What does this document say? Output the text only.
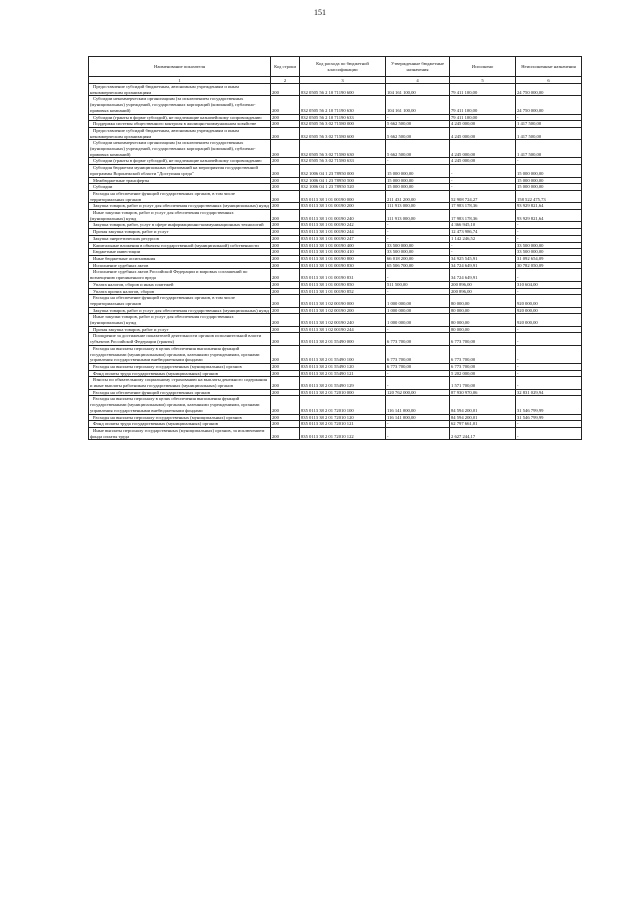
151
Наименование показателя	Код строки	Код расхода по бюджетной классификации	Утвержденные бюджетные назначения	Исполнено	Неисполненные назначения
1	2	3	4	5	6
Предоставление субсидий бюджетным, автономным учреждениям и иным некоммерческим организациям	200	832 0505 56 2 10 71190 600	104 161 100,00	79 411 100,00	24 750 000,00
Субсидии некоммерческим организациям (за исключением государственных (муниципальных) учреждений, государственных корпораций (компаний), публично-правовых компаний)	200	832 0505 56 2 10 71190 630	104 161 100,00	79 411 100,00	24 750 000,00
Субсидии (гранты в форме субсидий), не подлежащие казначейскому сопровождению	200	832 0505 56 2 10 71190 633	-	79 411 100,00	-
Поддержка системы общественного контроля в жилищно-коммунальном хозяйстве	200	832 0505 56 3 02 71580 000	5 662 500,00	4 245 000,00	1 417 500,00
Предоставление субсидий бюджетным, автономным учреждениям и иным некоммерческим организациям	200	832 0505 56 3 02 71580 600	5 662 500,00	4 245 000,00	1 417 500,00
Субсидии некоммерческим организациям (за исключением государственных (муниципальных) учреждений, государственных корпораций (компаний), публично-правовых компаний)	200	832 0505 56 3 02 71580 630	5 662 500,00	4 245 000,00	1 417 500,00
Субсидии (гранты в форме субсидий), не подлежащие казначейскому сопровождению	200	832 0505 56 3 02 71580 633	-	4 245 000,00	-
Субсидия бюджетам муниципальных образований на мероприятия государственной программы Воронежской области "Доступная среда"	200	832 1006 04 1 23 78950 000	15 000 000,00	-	15 000 000,00
Межбюджетные трансферты	200	832 1006 04 1 23 78950 500	15 000 000,00	-	15 000 000,00
Субсидии	200	832 1006 04 1 23 78950 520	15 000 000,00	-	15 000 000,00
Расходы на обеспечение функций государственных органов, в том числе территориальных органов	200	835 0113 38 1 01 00190 000	211 431 200,00	52 908 724,27	158 522 475,73
Закупка товаров, работ и услуг для обеспечения государственных (муниципальных) нужд	200	835 0113 38 1 01 00190 200	111 913 000,00	17 983 178,36	93 929 821,64
Иные закупки товаров, работ и услуг для обеспечения государственных (муниципальных) нужд	200	835 0113 38 1 01 00190 240	111 913 000,00	17 983 178,36	93 929 821,64
Закупка товаров, работ, услуг в сфере информационно-коммуникационных технологий	200	835 0113 38 1 01 00190 242	-	4 366 945,10	-
Прочая закупка товаров, работ и услуг	200	835 0113 38 1 01 00190 244	-	12 473 986,74	-
Закупка энергетических ресурсов	200	835 0113 38 1 01 00190 247	-	1 142 246,52	-
Капитальные вложения в объекты государственной (муниципальной) собственности	200	835 0113 38 1 01 00190 400	33 500 000,00	-	33 500 000,00
Бюджетные инвестиции	200	835 0113 38 1 01 00190 410	33 500 000,00	-	33 500 000,00
Иные бюджетные ассигнования	200	835 0113 38 1 01 00190 800	66 018 200,00	34 925 545,91	31 092 654,09
Исполнение судебных актов	200	835 0113 38 1 01 00190 830	65 506 700,00	34 724 649,91	30 782 050,09
Исполнение судебных актов Российской Федерации и мировых соглашений по возмещению причиненного вреда	200	835 0113 38 1 01 00190 831	-	34 724 649,91	-
Уплата налогов, сборов и иных платежей	200	835 0113 38 1 01 00190 850	511 500,00	200 896,00	310 604,00
Уплата прочих налогов, сборов	200	835 0113 38 1 01 00190 852	-	200 896,00	-
Расходы на обеспечение функций государственных органов, в том числе территориальных органов	200	835 0113 38 1 02 00190 000	1 000 000,00	80 000,00	920 000,00
Закупка товаров, работ и услуг для обеспечения государственных (муниципальных) нужд	200	835 0113 38 1 02 00190 200	1 000 000,00	80 000,00	920 000,00
Иные закупки товаров, работ и услуг для обеспечения государственных (муниципальных) нужд	200	835 0113 38 1 02 00190 240	1 000 000,00	80 000,00	920 000,00
Прочая закупка товаров, работ и услуг	200	835 0113 38 1 02 00190 244	-	80 000,00	-
Поощрение за достижение показателей деятельности органов исполнительной власти субъектов Российской Федерации (гранты)	200	835 0113 38 2 01 55490 000	6 773 700,00	6 773 700,00	-
Расходы на выплаты персоналу в целях обеспечения выполнения функций государственными (муниципальными) органами, казенными учреждениями, органами управления государственными внебюджетными фондами	200	835 0113 38 2 01 55490 100	6 773 700,00	6 773 700,00	-
Расходы на выплаты персоналу государственных (муниципальных) органов	200	835 0113 38 2 01 55490 120	6 773 700,00	6 773 700,00	-
Фонд оплаты труда государственных (муниципальных) органов	200	835 0113 38 2 01 55490 121	-	5 202 000,00	-
Взносы по обязательному социальному страхованию на выплаты денежного содержания и иные выплаты работникам государственных (муниципальных) органов	200	835 0113 38 2 01 55490 129	-	1 571 700,00	-
Расходы на обеспечение функций государственных органов	200	835 0113 38 2 01 72010 000	120 762 000,00	87 930 970,06	32 831 029,94
Расходы на выплаты персоналу в целях обеспечения выполнения функций государственными (муниципальными) органами, казенными учреждениями, органами управления государственными внебюджетными фондами	200	835 0113 38 2 01 72010 100	116 141 000,00	84 594 200,01	31 546 799,99
Расходы на выплаты персоналу государственных (муниципальных) органов	200	835 0113 38 2 01 72010 120	116 141 000,00	84 594 200,01	31 546 799,99
Фонд оплаты труда государственных (муниципальных) органов	200	835 0113 38 2 01 72010 121	-	62 797 661,01	-
Иные выплаты персоналу государственных (муниципальных) органов, за исключением фонда оплаты труда	200	835 0113 38 2 01 72010 122	-	2 627 244,17	-
